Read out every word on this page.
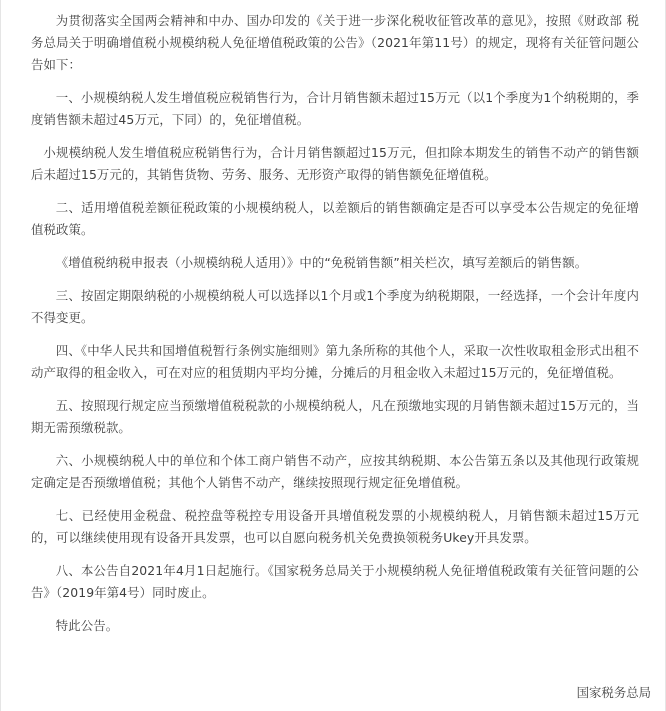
为贯彻落实全国两会精神和中办、国办印发的《关于进一步深化税收征管改革的意见》，按照《财政部 税务总局关于明确增值税小规模纳税人免征增值税政策的公告》（2021年第11号）的规定，现将有关征管问题公告如下：

一、小规模纳税人发生增值税应税销售行为，合计月销售额未超过15万元（以1个季度为1个纳税期的，季度销售额未超过45万元，下同）的，免征增值税。

小规模纳税人发生增值税应税销售行为，合计月销售额超过15万元，但扣除本期发生的销售不动产的销售额后未超过15万元的，其销售货物、劳务、服务、无形资产取得的销售额免征增值税。

二、适用增值税差额征税政策的小规模纳税人，以差额后的销售额确定是否可以享受本公告规定的免征增值税政策。

《增值税纳税申报表（小规模纳税人适用）》中的“免税销售额”相关栏次，填写差额后的销售额。

三、按固定期限纳税的小规模纳税人可以选择以1个月或1个季度为纳税期限，一经选择，一个会计年度内不得变更。

四、《中华人民共和国增值税暂行条例实施细则》第九条所称的其他个人，采取一次性收取租金形式出租不动产取得的租金收入，可在对应的租赁期内平均分摊，分摊后的月租金收入未超过15万元的，免征增值税。

五、按照现行规定应当预缴增值税税款的小规模纳税人，凡在预缴地实现的月销售额未超过15万元的，当期无需预缴税款。

六、小规模纳税人中的单位和个体工商户销售不动产，应按其纳税期、本公告第五条以及其他现行政策规定确定是否预缴增值税；其他个人销售不动产，继续按照现行规定征免增值税。

七、已经使用金税盘、税控盘等税控专用设备开具增值税发票的小规模纳税人，月销售额未超过15万元的，可以继续使用现有设备开具发票，也可以自愿向税务机关免费换领税务Ukey开具发票。

八、本公告自2021年4月1日起施行。《国家税务总局关于小规模纳税人免征增值税政策有关征管问题的公告》（2019年第4号）同时废止。

特此公告。

国家税务总局
